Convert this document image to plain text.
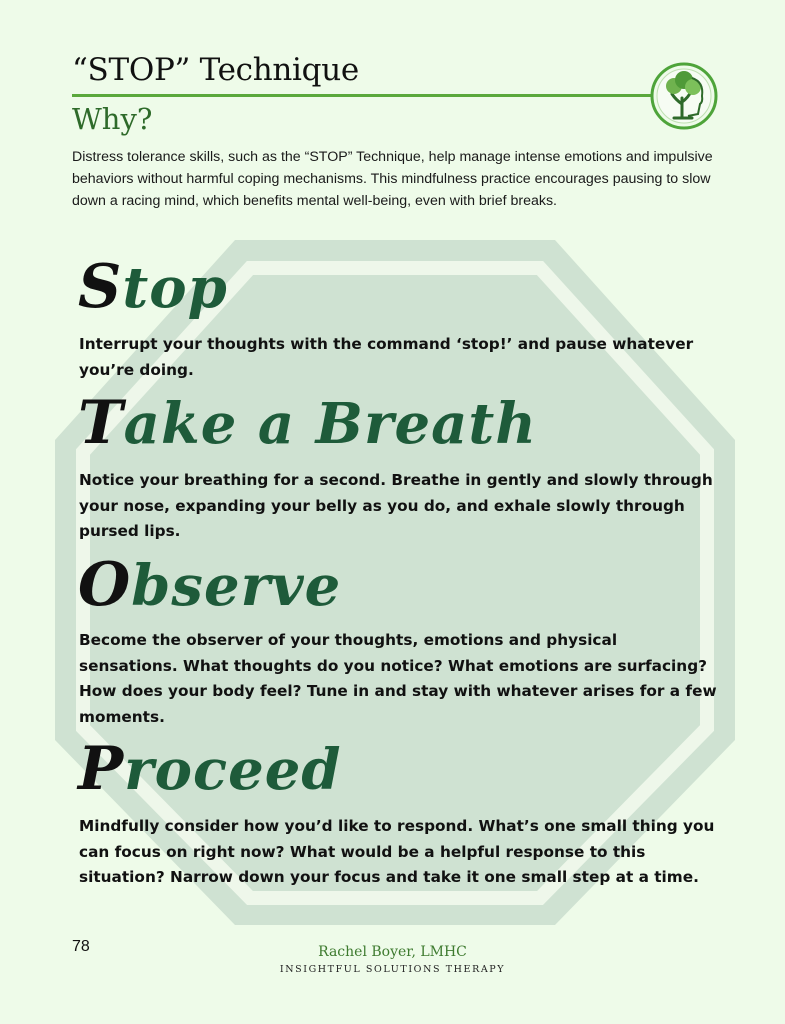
“STOP” Technique
Why?
Distress tolerance skills, such as the “STOP” Technique, help manage intense emotions and impulsive behaviors without harmful coping mechanisms. This mindfulness practice encourages pausing to slow down a racing mind, which benefits mental well-being, even with brief breaks.
Stop
Interrupt your thoughts with the command ‘stop!’ and pause whatever you’re doing.
Take a Breath
Notice your breathing for a second. Breathe in gently and slowly through your nose, expanding your belly as you do, and exhale slowly through pursed lips.
Observe
Become the observer of your thoughts, emotions and physical sensations. What thoughts do you notice? What emotions are surfacing? How does your body feel? Tune in and stay with whatever arises for a few moments.
Proceed
Mindfully consider how you’d like to respond. What’s one small thing you can focus on right now? What would be a helpful response to this situation? Narrow down your focus and take it one small step at a time.
78	Rachel Boyer, LMHC
INSIGHTFUL SOLUTIONS THERAPY
